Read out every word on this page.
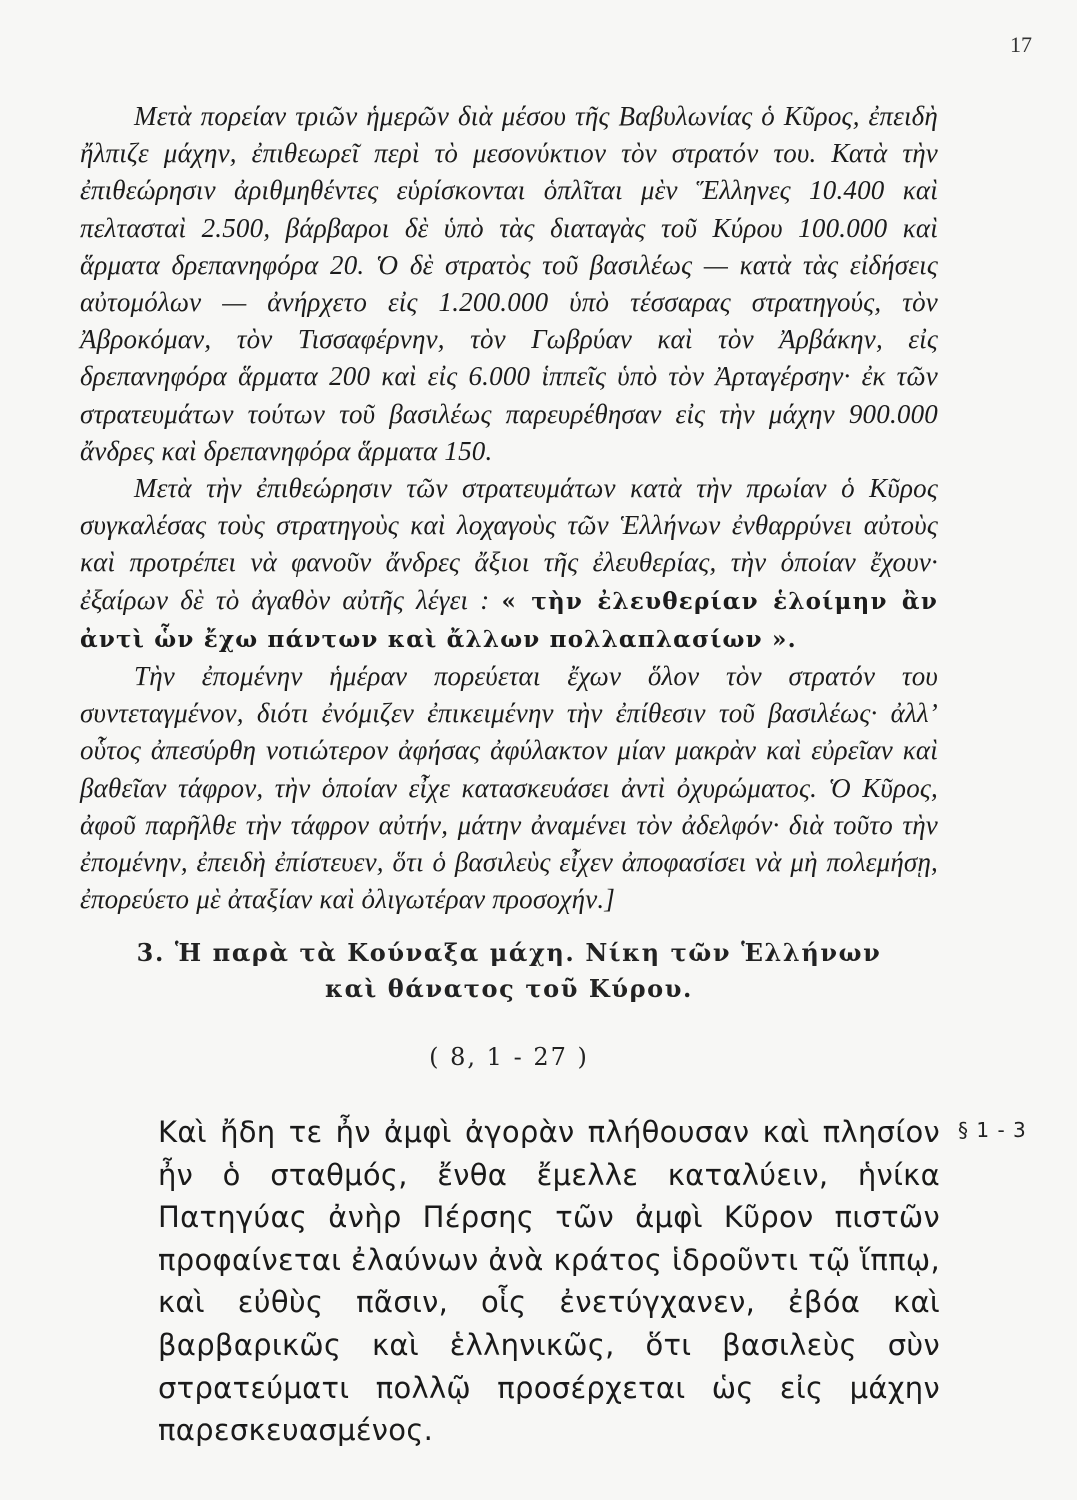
17

Μετὰ πορείαν τριῶν ἡμερῶν διὰ μέσου τῆς Βαβυλωνίας ὁ Κῦρος, ἐπειδὴ ἤλπιζε μάχην, ἐπιθεωρεῖ περὶ τὸ μεσονύκτιον τὸν στρατόν του. Κατὰ τὴν ἐπιθεώρησιν ἀριθμηθέντες εὑρίσκονται ὁπλῖται μὲν Ἕλληνες 10.400 καὶ πελτασταὶ 2.500, βάρβαροι δὲ ὑπὸ τὰς διαταγὰς τοῦ Κύρου 100.000 καὶ ἅρματα δρεπανηφόρα 20. Ὁ δὲ στρατὸς τοῦ βασιλέως — κατὰ τὰς εἰδήσεις αὐτομόλων — ἀνήρχετο εἰς 1.200.000 ὑπὸ τέσσαρας στρατηγούς, τὸν Ἀβροκόμαν, τὸν Τισσαφέρνην, τὸν Γωβρύαν καὶ τὸν Ἀρβάκην, εἰς δρεπανηφόρα ἅρματα 200 καὶ εἰς 6.000 ἱππεῖς ὑπὸ τὸν Ἀρταγέρσην· ἐκ τῶν στρατευμάτων τούτων τοῦ βασιλέως παρευρέθησαν εἰς τὴν μάχην 900.000 ἄνδρες καὶ δρεπανηφόρα ἅρματα 150.

Μετὰ τὴν ἐπιθεώρησιν τῶν στρατευμάτων κατὰ τὴν πρωίαν ὁ Κῦρος συγκαλέσας τοὺς στρατηγοὺς καὶ λοχαγοὺς τῶν Ἑλλήνων ἐνθαρρύνει αὐτοὺς καὶ προτρέπει νὰ φανοῦν ἄνδρες ἄξιοι τῆς ἐλευθερίας, τὴν ὁποίαν ἔχουν· ἐξαίρων δὲ τὸ ἀγαθὸν αὐτῆς λέγει : « τὴν ἐλευθερίαν ἑλοίμην ἂν ἀντὶ ὧν ἔχω πάντων καὶ ἄλλων πολλαπλασίων ».

Τὴν ἐπομένην ἡμέραν πορεύεται ἔχων ὅλον τὸν στρατόν του συντεταγμένον, διότι ἐνόμιζεν ἐπικειμένην τὴν ἐπίθεσιν τοῦ βασιλέως· ἀλλ’ οὗτος ἀπεσύρθη νοτιώτερον ἀφήσας ἀφύλακτον μίαν μακρὰν καὶ εὐρεῖαν καὶ βαθεῖαν τάφρον, τὴν ὁποίαν εἶχε κατασκευάσει ἀντὶ ὀχυρώματος. Ὁ Κῦρος, ἀφοῦ παρῆλθε τὴν τάφρον αὐτήν, μάτην ἀναμένει τὸν ἀδελφόν· διὰ τοῦτο τὴν ἐπομένην, ἐπειδὴ ἐπίστευεν, ὅτι ὁ βασιλεὺς εἶχεν ἀποφασίσει νὰ μὴ πολεμήσῃ, ἐπορεύετο μὲ ἀταξίαν καὶ ὀλιγωτέραν προσοχήν.]

3. Ἡ παρὰ τὰ Κούναξα μάχη. Νίκη τῶν Ἑλλήνων
καὶ θάνατος τοῦ Κύρου.
( 8, 1 - 27 )

Καὶ ἤδη τε ἦν ἀμφὶ ἀγορὰν πλήθουσαν καὶ πλησίον ἦν ὁ σταθμός, ἔνθα ἔμελλε καταλύειν, ἡνίκα Πατηγύας ἀνὴρ Πέρσης τῶν ἀμφὶ Κῦρον πιστῶν προφαίνεται ἐλαύνων ἀνὰ κράτος ἱδροῦντι τῷ ἵππῳ, καὶ εὐθὺς πᾶσιν, οἷς ἐνετύγχανεν, ἐβόα καὶ βαρβαρικῶς καὶ ἑλληνικῶς, ὅτι βασιλεὺς σὺν στρατεύματι πολλῷ προσέρχεται ὡς εἰς μάχην παρεσκευασμένος.

§ 1 - 3
